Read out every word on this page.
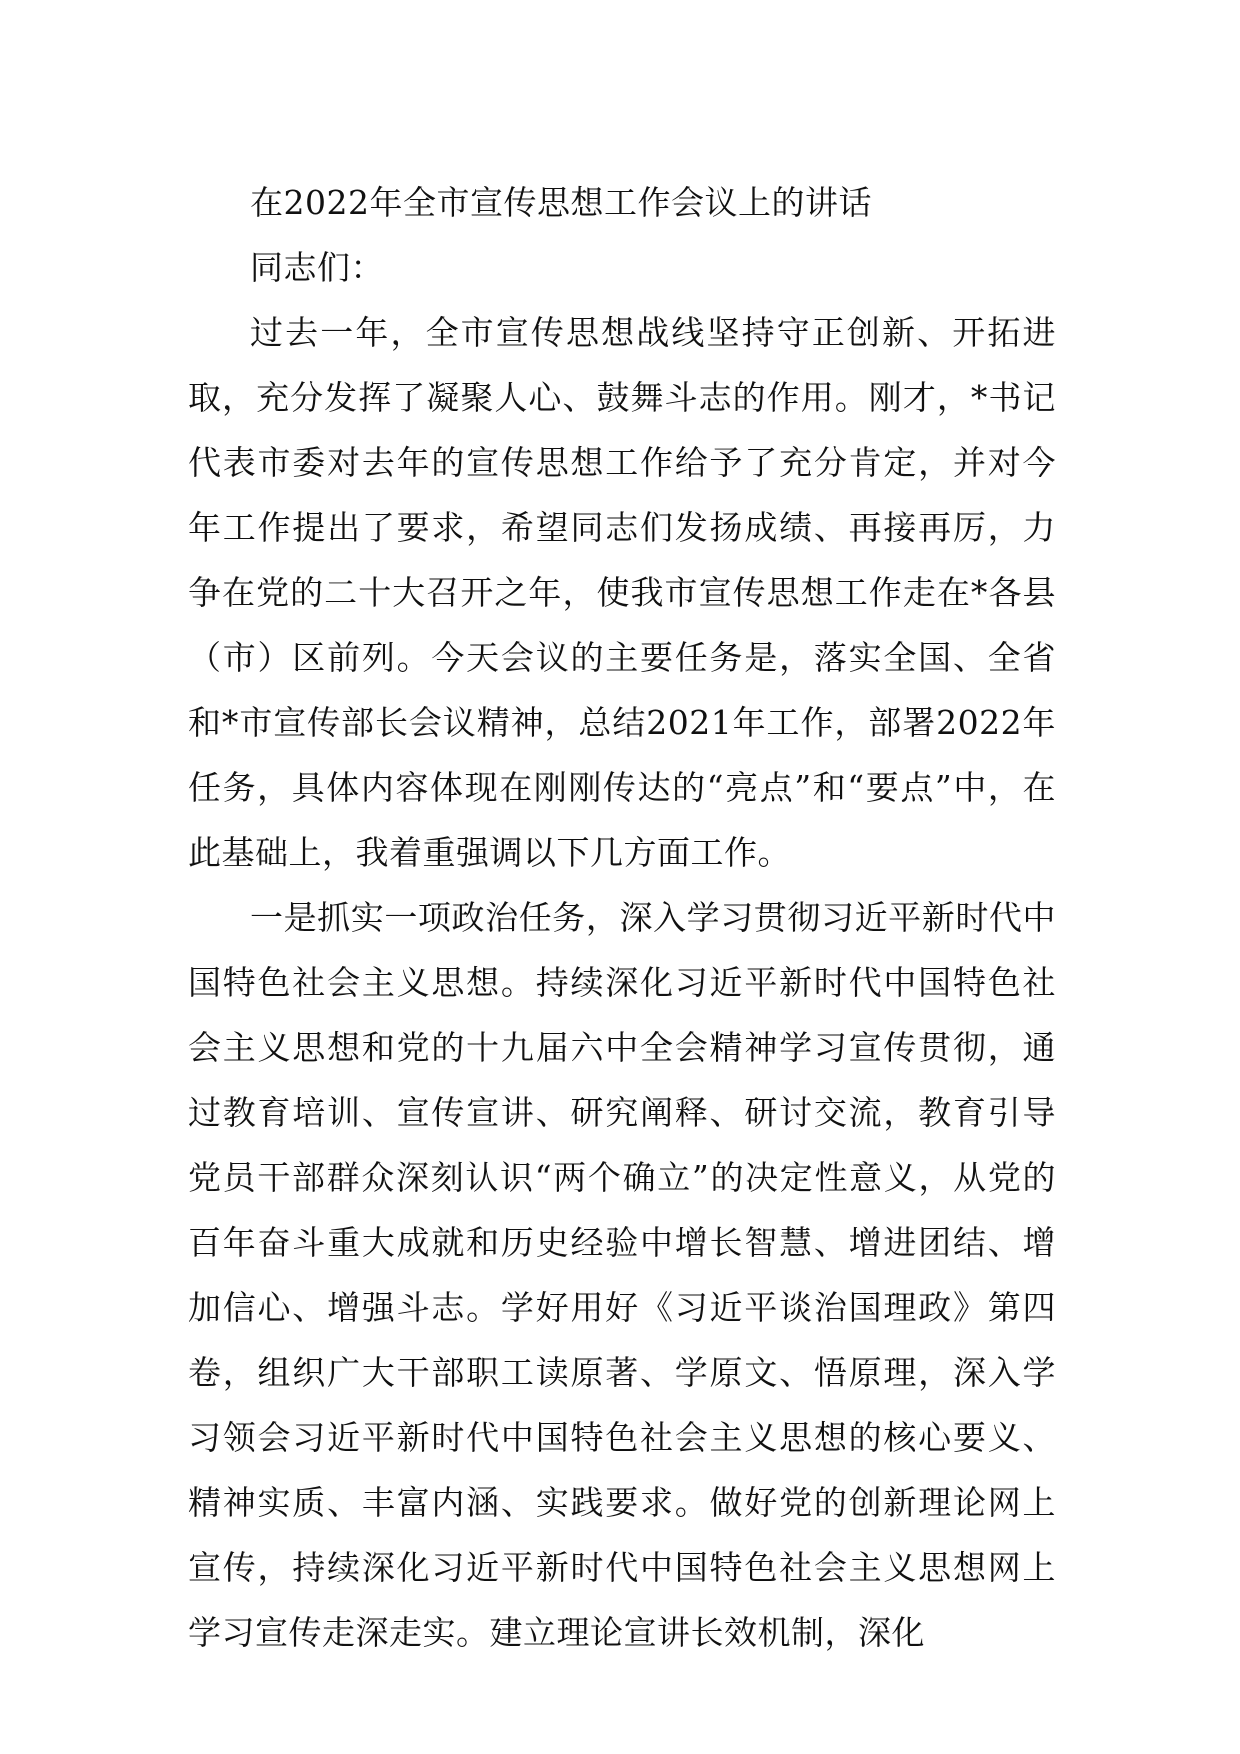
在2022年全市宣传思想工作会议上的讲话

同志们：

过去一年，全市宣传思想战线坚持守正创新、开拓进取，充分发挥了凝聚人心、鼓舞斗志的作用。刚才，*书记代表市委对去年的宣传思想工作给予了充分肯定，并对今年工作提出了要求，希望同志们发扬成绩、再接再厉，力争在党的二十大召开之年，使我市宣传思想工作走在*各县（市）区前列。今天会议的主要任务是，落实全国、全省和*市宣传部长会议精神，总结2021年工作，部署2022年任务，具体内容体现在刚刚传达的“亮点”和“要点”中，在此基础上，我着重强调以下几方面工作。

一是抓实一项政治任务，深入学习贯彻习近平新时代中国特色社会主义思想。持续深化习近平新时代中国特色社会主义思想和党的十九届六中全会精神学习宣传贯彻，通过教育培训、宣传宣讲、研究阐释、研讨交流，教育引导党员干部群众深刻认识“两个确立”的决定性意义，从党的百年奋斗重大成就和历史经验中增长智慧、增进团结、增加信心、增强斗志。学好用好《习近平谈治国理政》第四卷，组织广大干部职工读原著、学原文、悟原理，深入学习领会习近平新时代中国特色社会主义思想的核心要义、精神实质、丰富内涵、实践要求。做好党的创新理论网上宣传，持续深化习近平新时代中国特色社会主义思想网上学习宣传走深走实。建立理论宣讲长效机制，深化
